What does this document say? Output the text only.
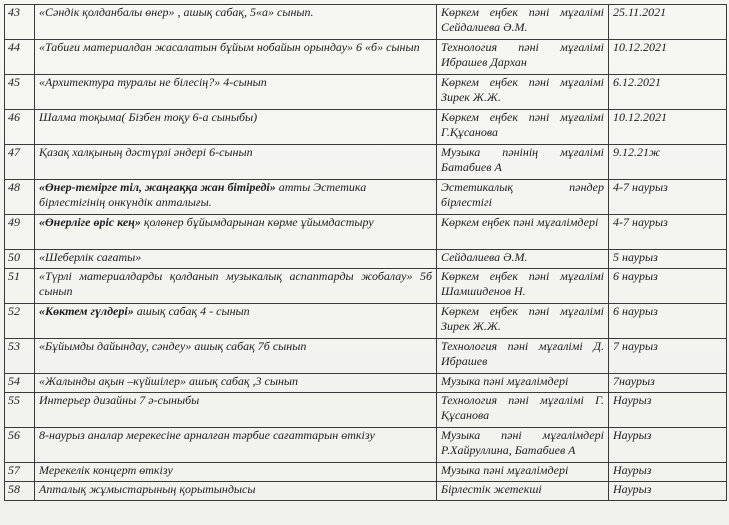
43	«Сәндік қолданбалы өнер» , ашық сабақ, 5«а» сынып.	Көркем еңбек пәні мұғалімі Сейдалиева Ә.М.	25.11.2021
44	«Табиғи материалдан жасалатын бұйым нобайын орындау» 6 «б» сынып	Технология пәні мұғалімі Ибрашев Дархан	10.12.2021
45	«Архитектура туралы не білесің?» 4-сынып	Көркем еңбек пәні мұғалімі Зирек Ж.Ж.	6.12.2021
46	Шалма тоқыма( Бізбен тоқу 6-а сыныбы)	Көркем еңбек пәні мұғалімі Г.Құсанова	10.12.2021
47	Қазақ халқының дәстүрлі әндері 6-сынып	Музыка пәнінің мұғалімі Батабиев А	9.12.21ж
48	«Өнер-темірге тіл, жаңғаққа жан бітіреді» атты Эстетика бірлестігінің онкүндік апталығы.	Эстетикалық пәндер бірлестігі	4-7 наурыз
49	«Өнерліге өріс кең» қолөнер бұйымдарынан көрме ұйымдастыру	Көркем еңбек пәні мұғалімдері	4-7 наурыз
50	«Шеберлік сағаты»	Сейдалиева Ә.М.	5 наурыз
51	«Түрлі материалдарды қолданып музыкалық аспаптарды жобалау» 5б сынып	Көркем еңбек пәні мұғалімі Шамшиденов Н.	6 наурыз
52	«Көктем гүлдері» ашық сабақ 4 - сынып	Көркем еңбек пәні мұғалімі Зирек Ж.Ж.	6 наурыз
53	«Бұйымды дайындау, сәндеу» ашық сабақ 7б сынып	Технология пәні мұғалімі Д. Ибрашев	7 наурыз
54	«Жалынды ақын –күйшілер» ашық сабақ ,3 сынып	Музыка пәні мұғалімдері	7наурыз
55	Интерьер дизайны 7 ә-сыныбы	Технология пәні мұғалімі Г. Құсанова	Наурыз
56	8-наурыз аналар мерекесіне арналған тәрбие сағаттарын өткізу	Музыка пәні мұғалімдері Р.Хайруллина, Батабиев А	Наурыз
57	Мерекелік концерт өткізу	Музыка пәні мұғалімдері	Наурыз
58	Апталық жұмыстарының қорытындысы	Бірлестік жетекші	Наурыз
